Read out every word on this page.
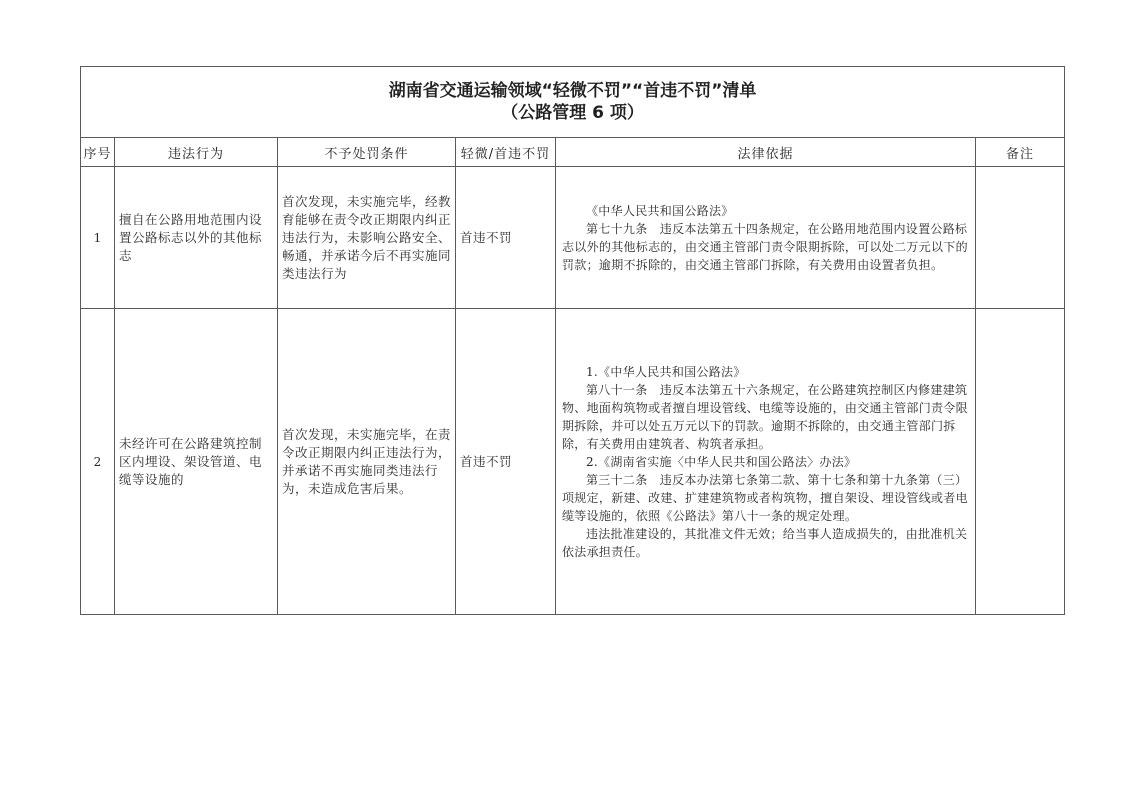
湖南省交通运输领域“轻微不罚”“首违不罚”清单
（公路管理 6 项）					

序号	违法行为	不予处罚条件	轻微/首违不罚	法律依据	备注
1	擅自在公路用地范围内设置公路标志以外的其他标志	首次发现，未实施完毕，经教育能够在责令改正期限内纠正违法行为，未影响公路安全、畅通，并承诺今后不再实施同类违法行为	首违不罚	《中华人民共和国公路法》

第七十九条　违反本法第五十四条规定，在公路用地范围内设置公路标志以外的其他标志的，由交通主管部门责令限期拆除，可以处二万元以下的罚款；逾期不拆除的，由交通主管部门拆除，有关费用由设置者负担。	

2	未经许可在公路建筑控制区内埋设、架设管道、电缆等设施的	首次发现，未实施完毕，在责令改正期限内纠正违法行为，并承诺不再实施同类违法行为，未造成危害后果。	首违不罚	1.《中华人民共和国公路法》

第八十一条　违反本法第五十六条规定，在公路建筑控制区内修建建筑物、地面构筑物或者擅自埋设管线、电缆等设施的，由交通主管部门责令限期拆除，并可以处五万元以下的罚款。逾期不拆除的，由交通主管部门拆除，有关费用由建筑者、构筑者承担。

2.《湖南省实施〈中华人民共和国公路法〉办法》

第三十二条　违反本办法第七条第二款、第十七条和第十九条第（三）项规定，新建、改建、扩建建筑物或者构筑物，擅自架设、埋设管线或者电缆等设施的，依照《公路法》第八十一条的规定处理。

违法批准建设的，其批准文件无效；给当事人造成损失的，由批准机关依法承担责任。	
